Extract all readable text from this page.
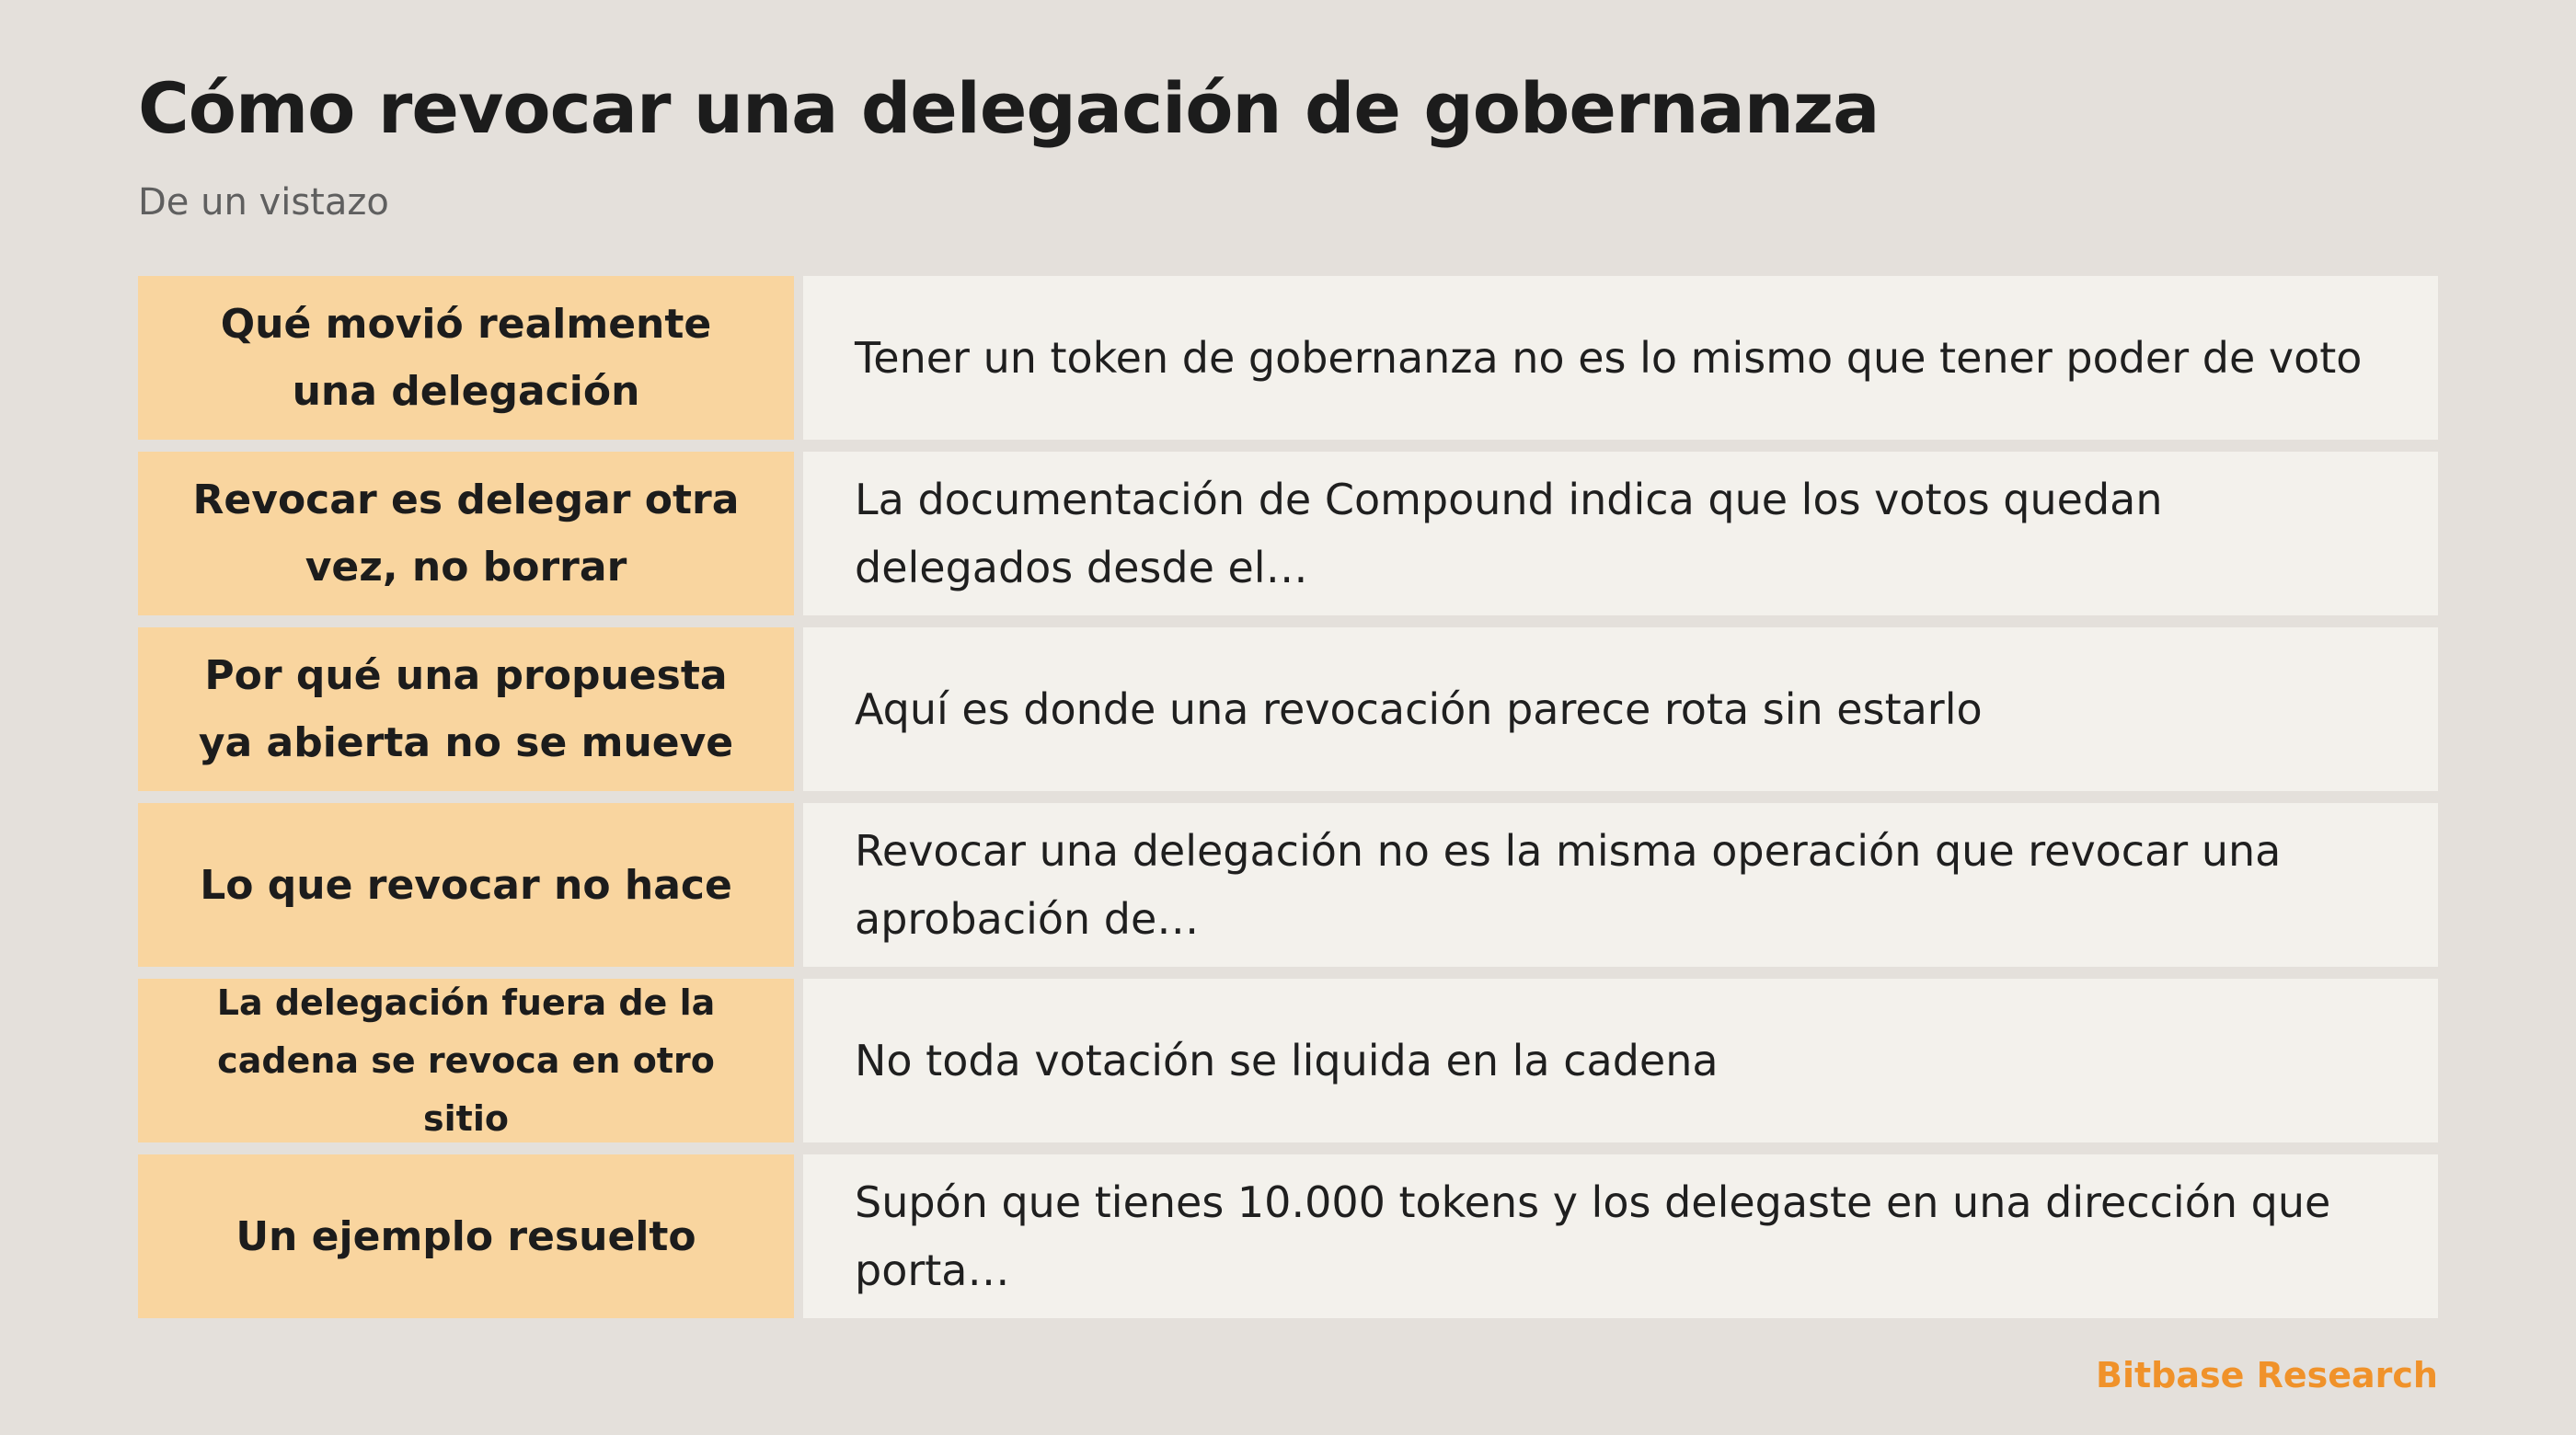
Cómo revocar una delegación de gobernanza
De un vistazo
Qué movió realmente una delegación
Tener un token de gobernanza no es lo mismo que tener poder de voto
Revocar es delegar otra vez, no borrar
La documentación de Compound indica que los votos quedan delegados desde el…
Por qué una propuesta ya abierta no se mueve
Aquí es donde una revocación parece rota sin estarlo
Lo que revocar no hace
Revocar una delegación no es la misma operación que revocar una aprobación de…
La delegación fuera de la cadena se revoca en otro sitio
No toda votación se liquida en la cadena
Un ejemplo resuelto
Supón que tienes 10.000 tokens y los delegaste en una dirección que porta…
Bitbase Research
